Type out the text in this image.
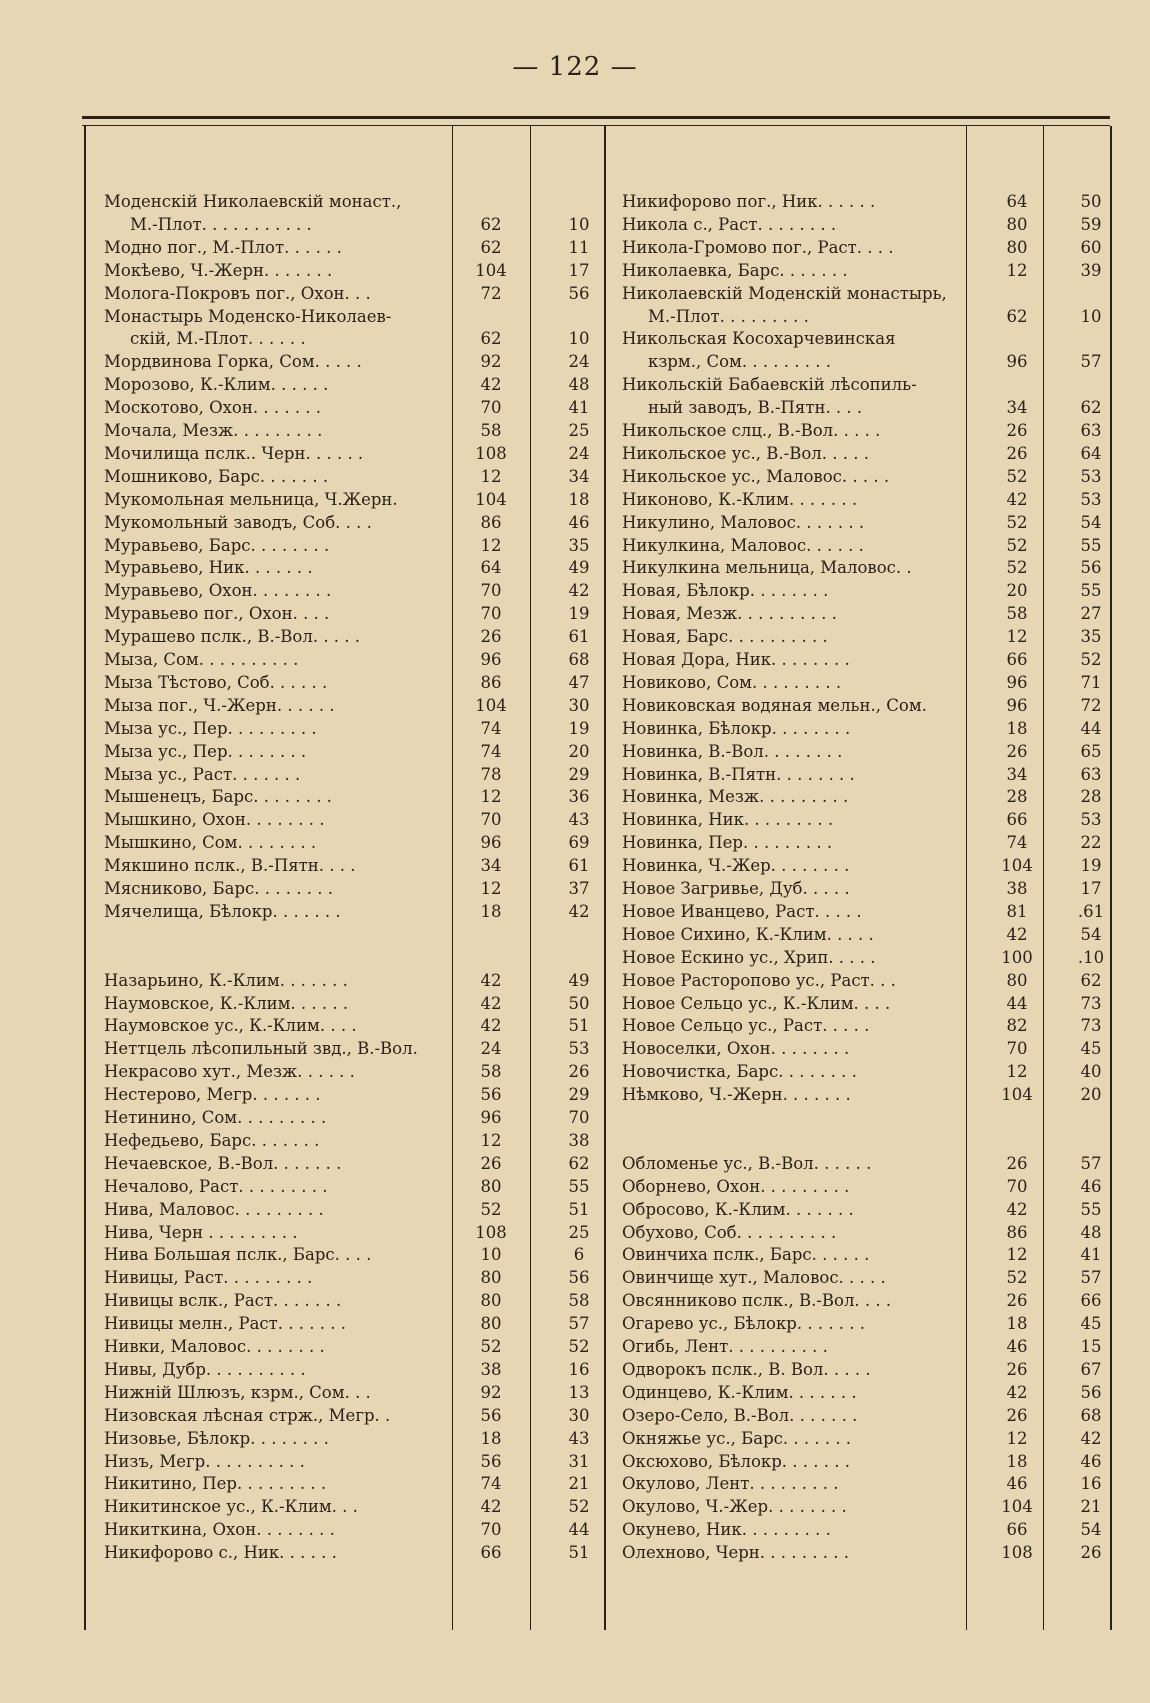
— 122 —
Моденскій Николаевскій монаст.,
М.-Плот. . . . . . . . . . .	62	10
Модно пог., М.-Плот. . . . . .	62	11
Мокѣево, Ч.-Жерн. . . . . . .	104	17
Молога-Покровъ пог., Охон. . .	72	56
Монастырь Моденско-Николаев-
скій, М.-Плот. . . . . .	62	10
Мордвинова Горка, Сом. . . . .	92	24
Морозово, К.-Клим. . . . . .	42	48
Москотово, Охон. . . . . . .	70	41
Мочала, Мезж. . . . . . . . .	58	25
Мочилища пслк.. Черн. . . . . .	108	24
Мошниково, Барс. . . . . . .	12	34
Мукомольная мельница, Ч.Жерн.	104	18
Мукомольный заводъ, Соб. . . .	86	46
Муравьево, Барс. . . . . . . .	12	35
Муравьево, Ник. . . . . . .	64	49
Муравьево, Охон. . . . . . . .	70	42
Муравьево пог., Охон. . . .	70	19
Мурашево пслк., В.-Вол. . . . .	26	61
Мыза, Сом. . . . . . . . . .	96	68
Мыза Тѣстово, Соб. . . . . .	86	47
Мыза пог., Ч.-Жерн. . . . . .	104	30
Мыза ус., Пер. . . . . . . . .	74	19
Мыза ус., Пер. . . . . . . .	74	20
Мыза ус., Раст. . . . . . .	78	29
Мышенецъ, Барс. . . . . . . .	12	36
Мышкино, Охон. . . . . . . .	70	43
Мышкино, Сом. . . . . . . .	96	69
Мякшино пслк., В.-Пятн. . . .	34	61
Мясниково, Барс. . . . . . . .	12	37
Мячелища, Бѣлокр. . . . . . .	18	42
Назарьино, К.-Клим. . . . . . .	42	49
Наумовское, К.-Клим. . . . . .	42	50
Наумовское ус., К.-Клим. . . .	42	51
Неттцель лѣсопильный звд., В.-Вол.	24	53
Некрасово хут., Мезж. . . . . .	58	26
Нестерово, Мегр. . . . . . .	56	29
Нетинино, Сом. . . . . . . . .	96	70
Нефедьево, Барс. . . . . . .	12	38
Нечаевское, В.-Вол. . . . . . .	26	62
Нечалово, Раст. . . . . . . . .	80	55
Нива, Маловос. . . . . . . . .	52	51
Нива, Черн . . . . . . . . .	108	25
Нива Большая пслк., Барс. . . .	10	6
Нивицы, Раст. . . . . . . . .	80	56
Нивицы вслк., Раст. . . . . . .	80	58
Нивицы мелн., Раст. . . . . . .	80	57
Нивки, Маловос. . . . . . . .	52	52
Нивы, Дубр. . . . . . . . . .	38	16
Нижній Шлюзъ, кзрм., Сом. . .	92	13
Низовская лѣсная стрж., Мегр. .	56	30
Низовье, Бѣлокр. . . . . . . .	18	43
Низъ, Мегр. . . . . . . . . .	56	31
Никитино, Пер. . . . . . . . .	74	21
Никитинское ус., К.-Клим. . .	42	52
Никиткина, Охон. . . . . . . .	70	44
Никифорово с., Ник. . . . . .	66	51
Никифорово пог., Ник. . . . . .	64	50
Никола с., Раст. . . . . . . .	80	59
Никола-Громово пог., Раст. . . .	80	60
Николаевка, Барс. . . . . . .	12	39
Николаевскій Моденскій монастырь,
М.-Плот. . . . . . . . .	62	10
Никольская Косохарчевинская
кзрм., Сом. . . . . . . . .	96	57
Никольскій Бабаевскій лѣсопиль-
ный заводъ, В.-Пятн. . . .	34	62
Никольское слц., В.-Вол. . . . .	26	63
Никольское ус., В.-Вол. . . . .	26	64
Никольское ус., Маловос. . . . .	52	53
Никоново, К.-Клим. . . . . . .	42	53
Никулино, Маловос. . . . . . .	52	54
Никулкина, Маловос. . . . . .	52	55
Никулкина мельница, Маловос. .	52	56
Новая, Бѣлокр. . . . . . . .	20	55
Новая, Мезж. . . . . . . . . .	58	27
Новая, Барс. . . . . . . . . .	12	35
Новая Дора, Ник. . . . . . . .	66	52
Новиково, Сом. . . . . . . . .	96	71
Новиковская водяная мельн., Сом.	96	72
Новинка, Бѣлокр. . . . . . . .	18	44
Новинка, В.-Вол. . . . . . . .	26	65
Новинка, В.-Пятн. . . . . . . .	34	63
Новинка, Мезж. . . . . . . . .	28	28
Новинка, Ник. . . . . . . . .	66	53
Новинка, Пер. . . . . . . . .	74	22
Новинка, Ч.-Жер. . . . . . . .	104	19
Новое Загривье, Дуб. . . . .	38	17
Новое Иванцево, Раст. . . . .	81	.61
Новое Сихино, К.-Клим. . . . .	42	54
Новое Ескино ус., Хрип. . . . .	100	.10
Новое Расторопово ус., Раст. . .	80	62
Новое Сельцо ус., К.-Клим. . . .	44	73
Новое Сельцо ус., Раст. . . . .	82	73
Новоселки, Охон. . . . . . . .	70	45
Новочистка, Барс. . . . . . . .	12	40
Нѣмково, Ч.-Жерн. . . . . . .	104	20
Обломенье ус., В.-Вол. . . . . .	26	57
Оборнево, Охон. . . . . . . . .	70	46
Обросово, К.-Клим. . . . . . .	42	55
Обухово, Соб. . . . . . . . . .	86	48
Овинчиха пслк., Барс. . . . . .	12	41
Овинчище хут., Маловос. . . . .	52	57
Овсянниково пслк., В.-Вол. . . .	26	66
Огарево ус., Бѣлокр. . . . . . .	18	45
Огибь, Лент. . . . . . . . . .	46	15
Одворокъ пслк., В. Вол. . . . .	26	67
Одинцево, К.-Клим. . . . . . .	42	56
Озеро-Село, В.-Вол. . . . . . .	26	68
Окняжье ус., Барс. . . . . . .	12	42
Оксюхово, Бѣлокр. . . . . . .	18	46
Окулово, Лент. . . . . . . . .	46	16
Окулово, Ч.-Жер. . . . . . . .	104	21
Окунево, Ник. . . . . . . . .	66	54
Олехново, Черн. . . . . . . . .	108	26
